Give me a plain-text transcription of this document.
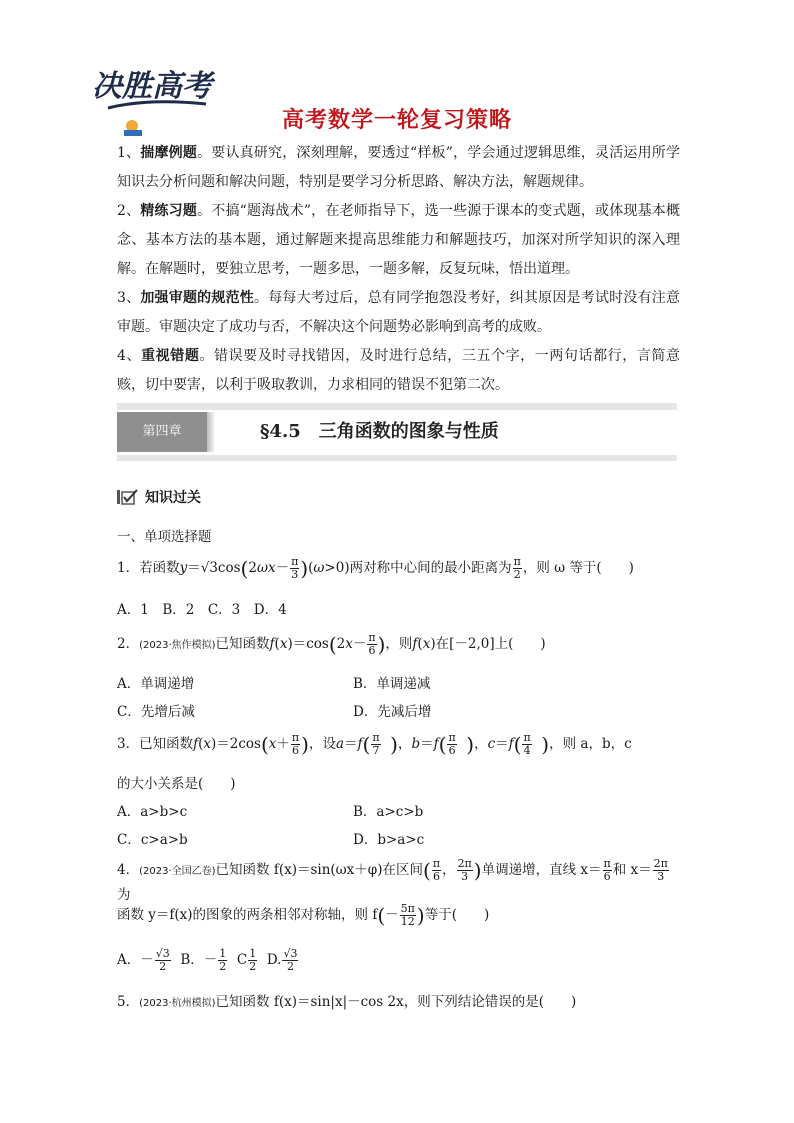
决胜高考
高考数学一轮复习策略
1、揣摩例题。要认真研究，深刻理解，要透过“样板”，学会通过逻辑思维，灵活运用所学知识去分析问题和解决问题，特别是要学习分析思路、解决方法，解题规律。
2、精练习题。不搞“题海战术”，在老师指导下，选一些源于课本的变式题，或体现基本概念、基本方法的基本题，通过解题来提高思维能力和解题技巧，加深对所学知识的深入理解。在解题时，要独立思考，一题多思，一题多解，反复玩味，悟出道理。
3、加强审题的规范性。每每大考过后，总有同学抱怨没考好，纠其原因是考试时没有注意审题。审题决定了成功与否，不解决这个问题势必影响到高考的成败。
4、重视错题。错误要及时寻找错因，及时进行总结，三五个字，一两句话都行，言简意赅，切中要害，以利于吸取教训，力求相同的错误不犯第二次。
第四章	§4.5　三角函数的图象与性质
知识过关
一、单项选择题
1．若函数$y=√3\cos(2\omega x- \frac{\pi}{3} )(\omega>0)$两对称中心间的最小距离为 $\frac{\pi}{2}$ ，则 ω 等于(　　)
A．1　B．2　C．3　D．4
2．(2023·焦作模拟)已知函数$f(x)=\cos(2x- \frac{\pi}{6}$ )，则f(x)在[－2,0]上(　　)
A．单调递增	B．单调递减
C．先增后减	D．先减后增
3．已知函数$f(x)=2\cos(x+ \frac{\pi}{6}$ )，设$a=f( \frac{\pi}{7}$ )，$b=f( \frac{\pi}{6}$ )，$c=f( \frac{\pi}{4}$ )，则 a，b，c
的大小关系是(　　)
A．a>b>c	B．a>c>b
C．c>a>b	D．b>a>c
4．(2023·全国乙卷)已知函数 f(x)＝sin(ωx＋φ)在区间( $\frac{\pi}{6}$ ， $\frac{2\pi}{3}$ )单调递增，直线 $x= \frac{\pi}{6}$ 和 $x= \frac{2\pi}{3}$
为
函数 y＝f(x)的图象的两条相邻对称轴，则 $f(- \frac{5\pi}{12}$ )等于(　　)
A．－ $\frac{√3}{2}$ B．－ $\frac{1}{2}$ C $\frac{1}{2} D$. $\frac{√3}{2}$
5．(2023·杭州模拟)已知函数 f(x)＝sin|x|－cos 2x，则下列结论错误的是(　　)
